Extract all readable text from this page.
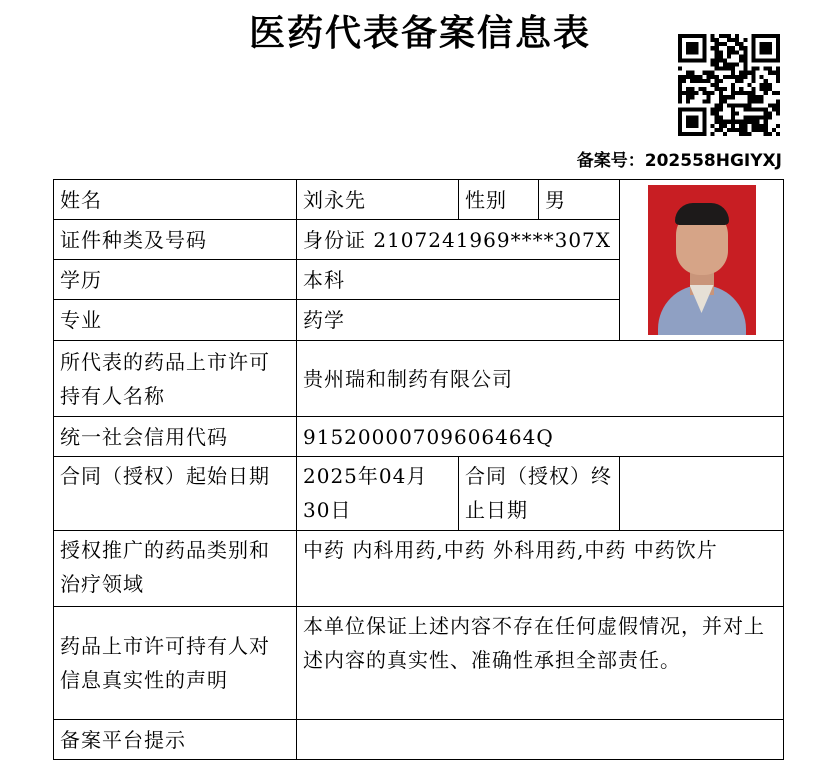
医药代表备案信息表
备案号：202558HGIYXJ
姓名	刘永先	性别	男	

证件种类及号码	身份证 2107241969****307X			
学历	本科			
专业	药学			
所代表的药品上市许可持有人名称	贵州瑞和制药有限公司			
统一社会信用代码	91520000709606464Q			
合同（授权）起始日期	2025年04月30日	合同（授权）终止日期		
授权推广的药品类别和治疗领域	中药 内科用药,中药 外科用药,中药 中药饮片			
药品上市许可持有人对信息真实性的声明	本单位保证上述内容不存在任何虚假情况，并对上述内容的真实性、准确性承担全部责任。			
备案平台提示				
